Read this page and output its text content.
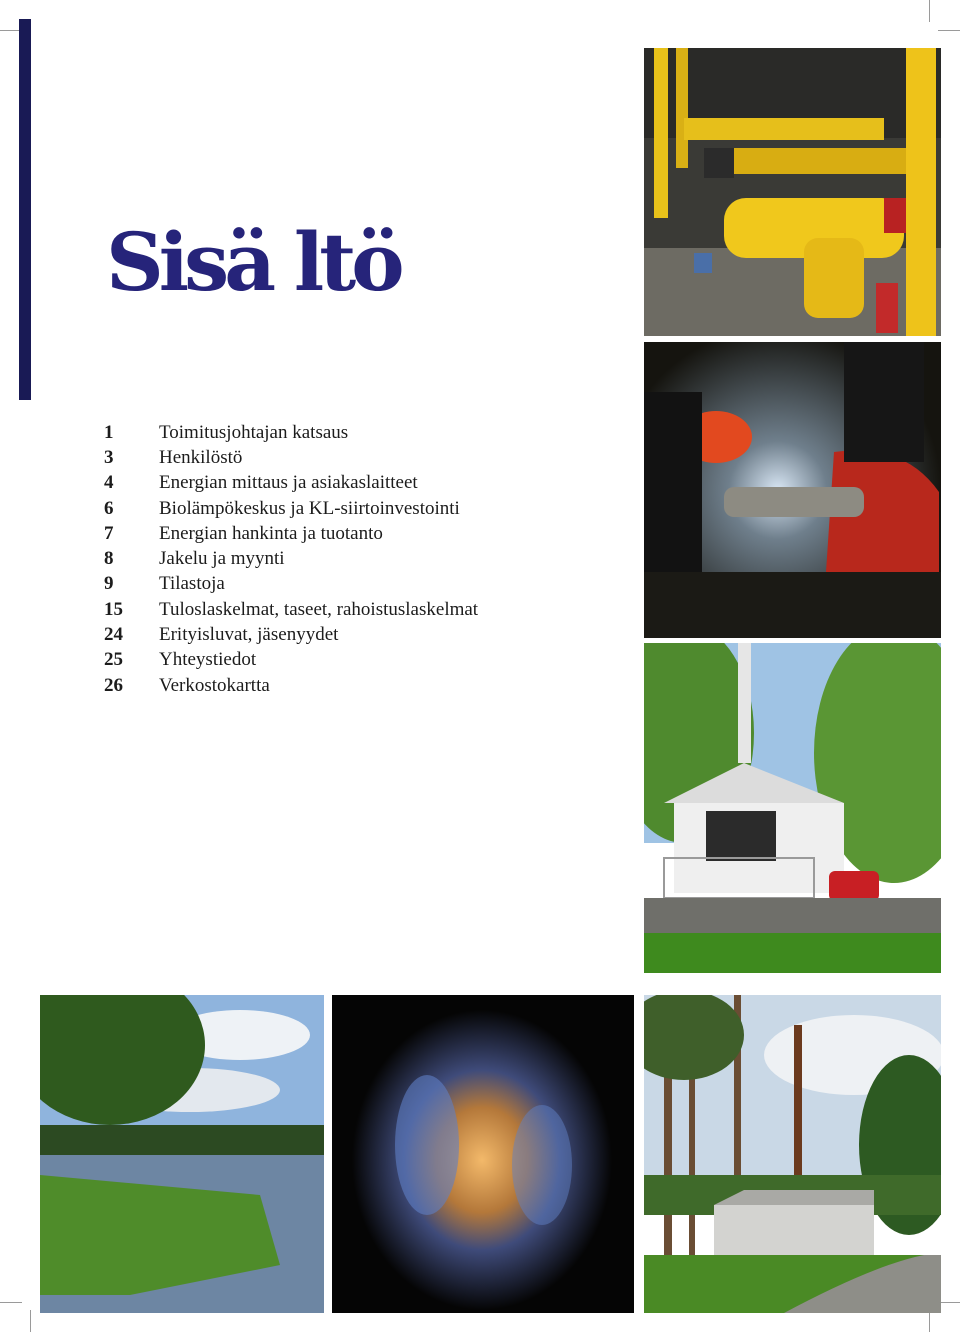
Sisä ltö
1	Toimitusjohtajan katsaus
3	Henkilöstö
4	Energian mittaus ja asiakaslaitteet
6	Biolämpökeskus ja KL-siirtoinvestointi
7	Energian hankinta ja tuotanto
8	Jakelu ja myynti
9	Tilastoja
15	Tuloslaskelmat, taseet, rahoistuslaskelmat
24	Erityisluvat, jäsenyydet
25	Yhteystiedot
26	Verkostokartta
